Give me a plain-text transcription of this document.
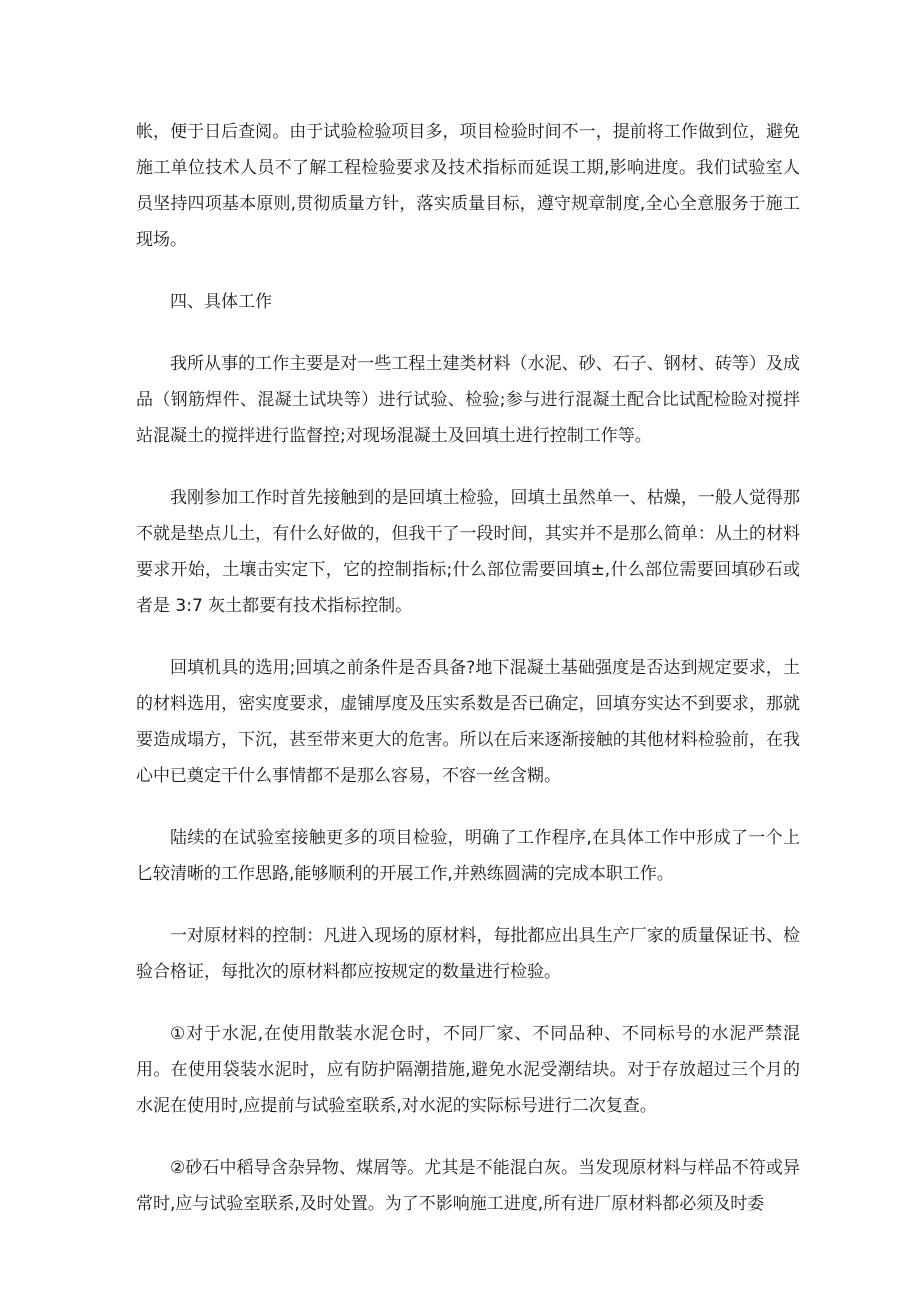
帐，便于日后查阅。由于试验检验项目多，项目检验时间不一，提前将工作做到位，避免施工单位技术人员不了解工程检验要求及技术指标而延误工期,影响进度。我们试验室人员坚持四项基本原则,贯彻质量方针，落实质量目标，遵守规章制度,全心全意服务于施工现场。

四、具体工作

我所从事的工作主要是对一些工程土建类材料（水泥、砂、石子、钢材、砖等）及成品（钢筋焊件、混凝土试块等）进行试验、检验;参与进行混凝土配合比试配检睑对搅拌站混凝土的搅拌进行监督控;对现场混凝土及回填土进行控制工作等。

我刚参加工作时首先接触到的是回填土检验，回填土虽然单一、枯燥，一般人觉得那不就是垫点儿土，有什么好做的，但我干了一段时间，其实并不是那么简单：从土的材料要求开始，土壤击实定下，它的控制指标;什么部位需要回填±,什么部位需要回填砂石或者是 3:7 灰土都要有技术指标控制。

回填机具的选用;回填之前条件是否具备?地下混凝土基础强度是否达到规定要求，土的材料选用，密实度要求，虚铺厚度及压实系数是否已确定，回填夯实达不到要求，那就要造成塌方，下沉，甚至带来更大的危害。所以在后来逐渐接触的其他材料检验前，在我心中已奠定干什么事情都不是那么容易，不容一丝含糊。

陆续的在试验室接触更多的项目检验，明确了工作程序,在具体工作中形成了一个上匕较清晰的工作思路,能够顺利的开展工作,并熟练圆满的完成本职工作。

一对原材料的控制：凡进入现场的原材料，每批都应出具生产厂家的质量保证书、检验合格证，每批次的原材料都应按规定的数量进行检验。

①对于水泥,在使用散装水泥仓时，不同厂家、不同品种、不同标号的水泥严禁混用。在使用袋装水泥时，应有防护隔潮措施,避免水泥受潮结块。对于存放超过三个月的水泥在使用时,应提前与试验室联系,对水泥的实际标号进行二次复查。

②砂石中稻导含杂异物、煤屑等。尤其是不能混白灰。当发现原材料与样品不符或异常时,应与试验室联系,及时处置。为了不影响施工进度,所有进厂原材料都必须及时委
